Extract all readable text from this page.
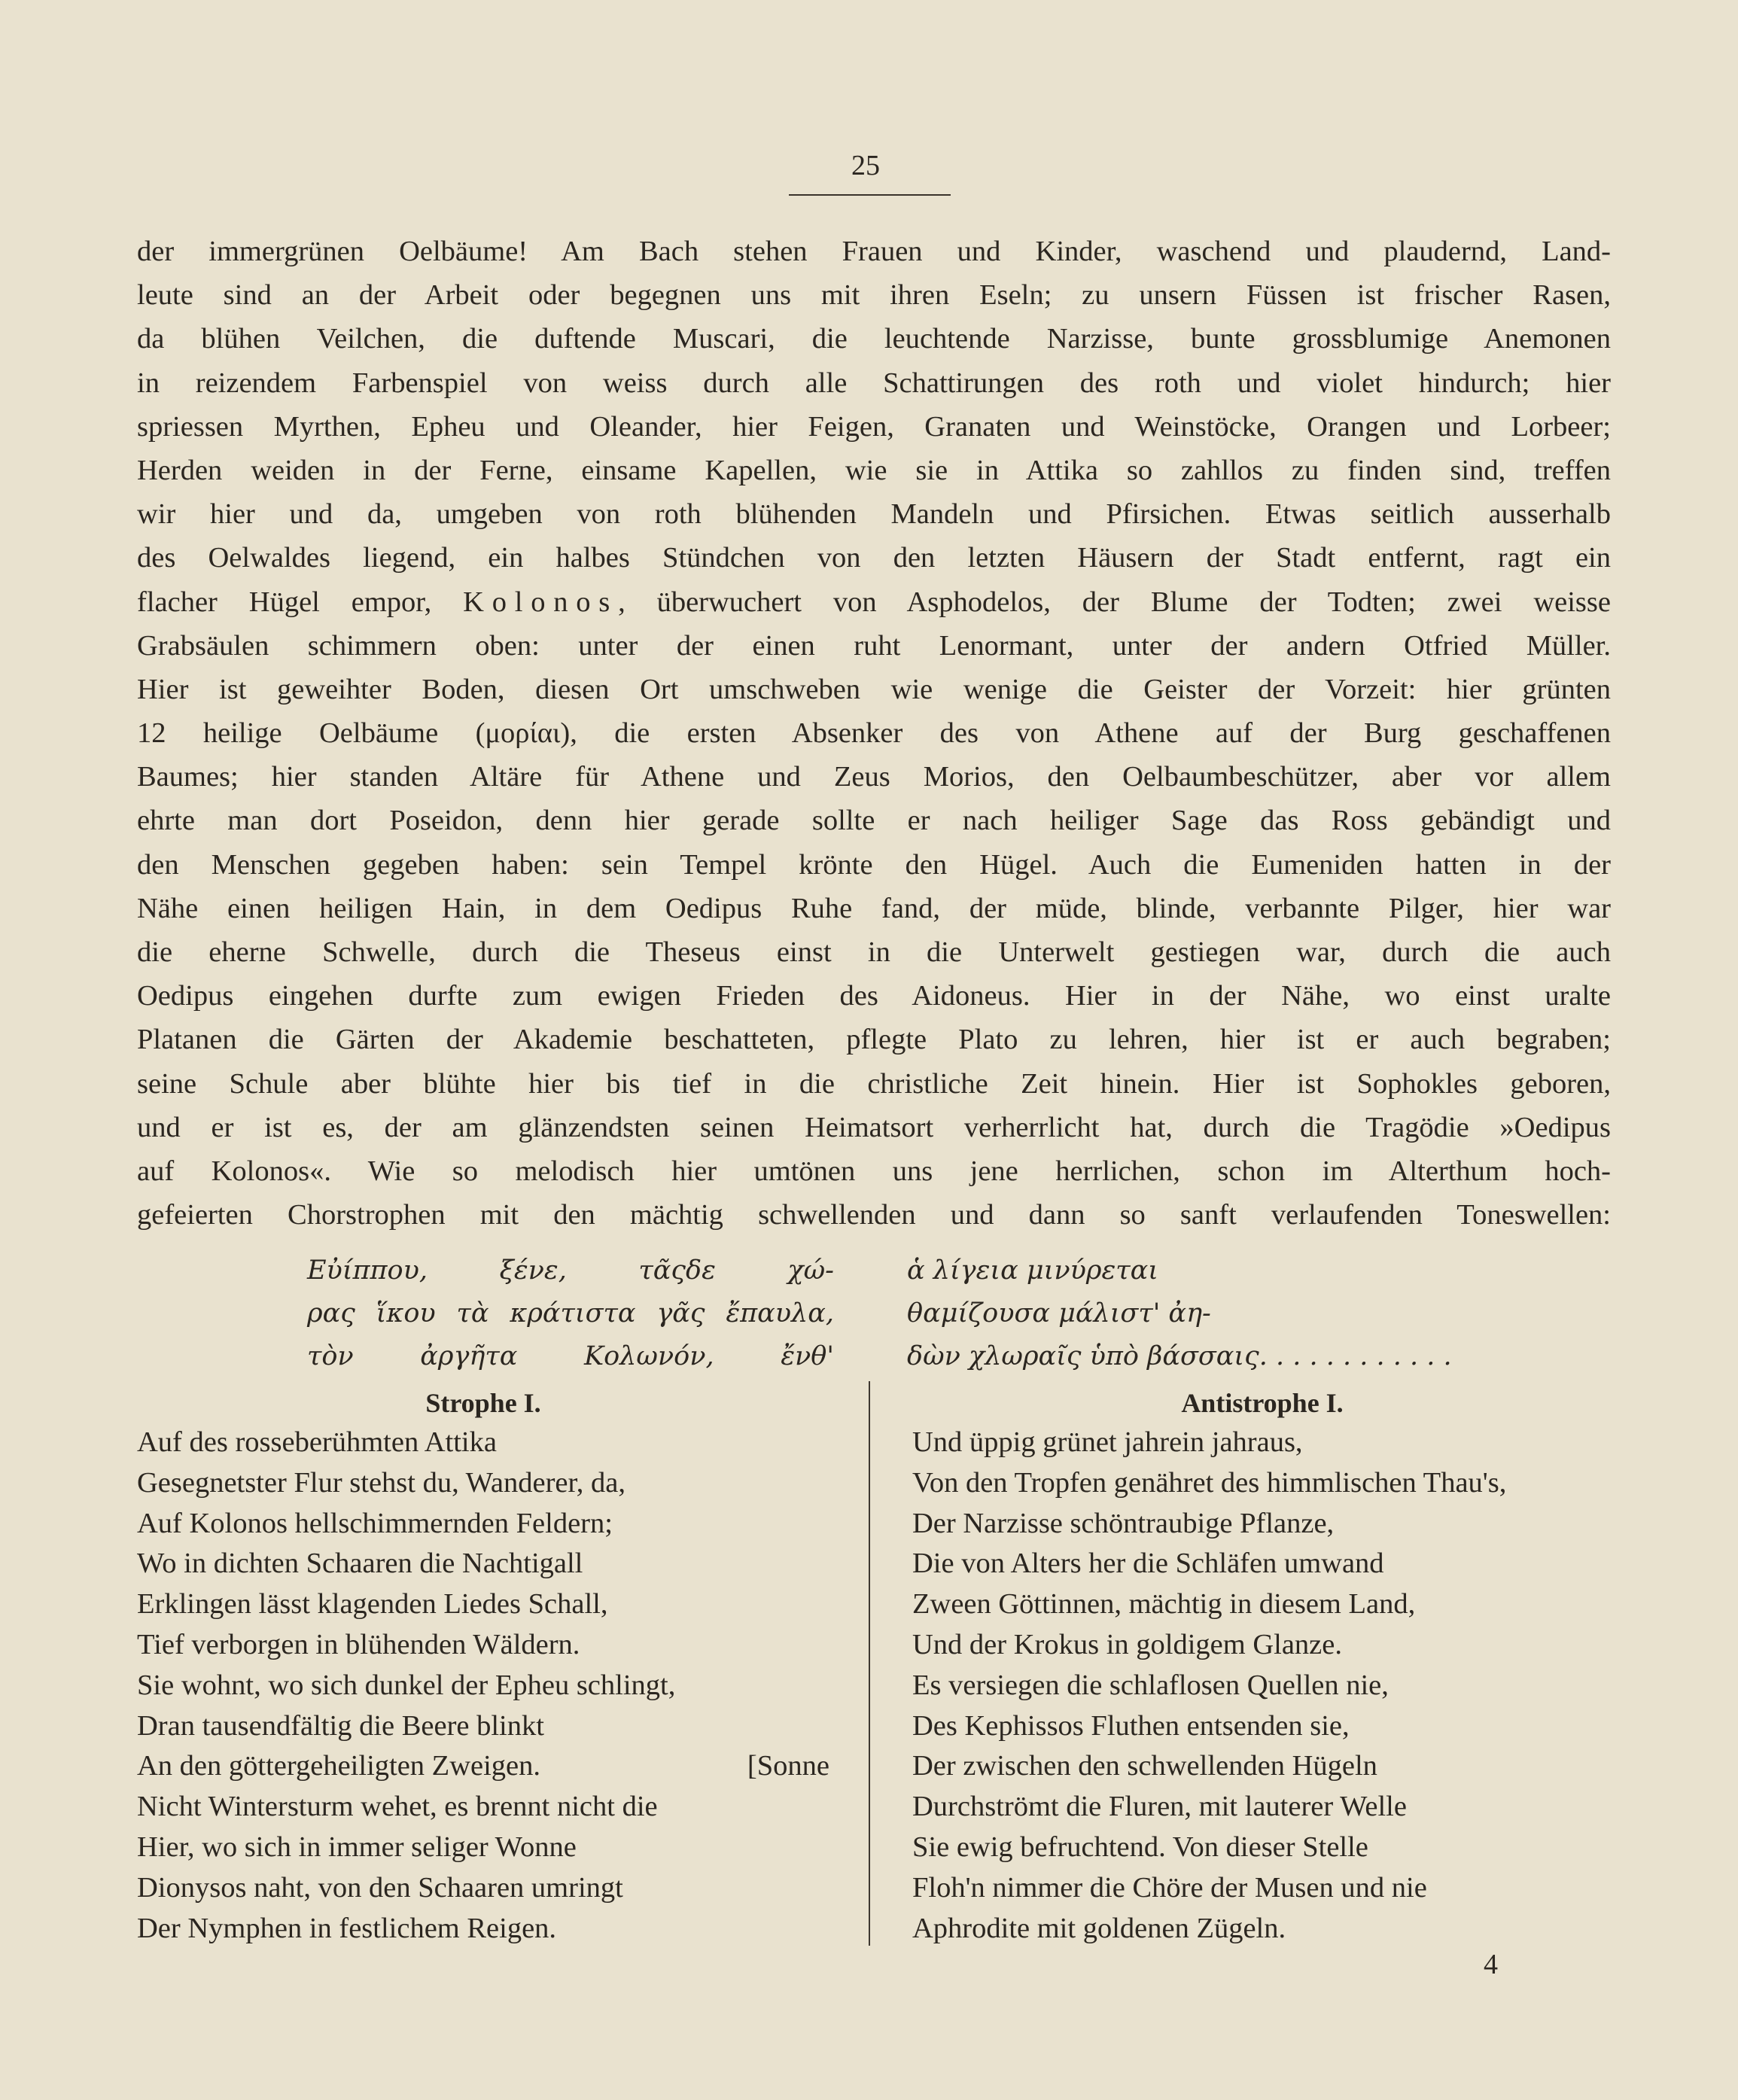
25
der immergrünen Oelbäume! Am Bach stehen Frauen und Kinder, waschend und plaudernd, Land-
leute sind an der Arbeit oder begegnen uns mit ihren Eseln; zu unsern Füssen ist frischer Rasen,
da blühen Veilchen, die duftende Muscari, die leuchtende Narzisse, bunte grossblumige Anemonen
in reizendem Farbenspiel von weiss durch alle Schattirungen des roth und violet hindurch; hier
spriessen Myrthen, Epheu und Oleander, hier Feigen, Granaten und Weinstöcke, Orangen und Lorbeer;
Herden weiden in der Ferne, einsame Kapellen, wie sie in Attika so zahllos zu finden sind, treffen
wir hier und da, umgeben von roth blühenden Mandeln und Pfirsichen. Etwas seitlich ausserhalb
des Oelwaldes liegend, ein halbes Stündchen von den letzten Häusern der Stadt entfernt, ragt ein
flacher Hügel empor, Kolonos, überwuchert von Asphodelos, der Blume der Todten; zwei weisse
Grabsäulen schimmern oben: unter der einen ruht Lenormant, unter der andern Otfried Müller.
Hier ist geweihter Boden, diesen Ort umschweben wie wenige die Geister der Vorzeit: hier grünten
12 heilige Oelbäume (μορίαι), die ersten Absenker des von Athene auf der Burg geschaffenen
Baumes; hier standen Altäre für Athene und Zeus Morios, den Oelbaumbeschützer, aber vor allem
ehrte man dort Poseidon, denn hier gerade sollte er nach heiliger Sage das Ross gebändigt und
den Menschen gegeben haben: sein Tempel krönte den Hügel. Auch die Eumeniden hatten in der
Nähe einen heiligen Hain, in dem Oedipus Ruhe fand, der müde, blinde, verbannte Pilger, hier war
die eherne Schwelle, durch die Theseus einst in die Unterwelt gestiegen war, durch die auch
Oedipus eingehen durfte zum ewigen Frieden des Aidoneus. Hier in der Nähe, wo einst uralte
Platanen die Gärten der Akademie beschatteten, pflegte Plato zu lehren, hier ist er auch begraben;
seine Schule aber blühte hier bis tief in die christliche Zeit hinein. Hier ist Sophokles geboren,
und er ist es, der am glänzendsten seinen Heimatsort verherrlicht hat, durch die Tragödie »Oedipus
auf Kolonos«. Wie so melodisch hier umtönen uns jene herrlichen, schon im Alterthum hoch-
gefeierten Chorstrophen mit den mächtig schwellenden und dann so sanft verlaufenden Toneswellen:
Εὐίππου, ξένε, τᾶςδε χώ-
ρας ἵκου τὰ κράτιστα γᾶς ἔπαυλα,
τὸν ἀργῆτα Κολωνόν, ἔνθ'
ἁ λίγεια μινύρεται
θαμίζουσα μάλιστ' ἀη-
δὼν χλωραῖς ὑπὸ βάσσαις. . . . . . . . . . . .
Strophe I.
Auf des rosseberühmten Attika
Gesegnetster Flur stehst du, Wanderer, da,
Auf Kolonos hellschimmernden Feldern;
Wo in dichten Schaaren die Nachtigall
Erklingen lässt klagenden Liedes Schall,
Tief verborgen in blühenden Wäldern.
Sie wohnt, wo sich dunkel der Epheu schlingt,
Dran tausendfältig die Beere blinkt
An den göttergeheiligten Zweigen.	[Sonne
Nicht Wintersturm wehet, es brennt nicht die
Hier, wo sich in immer seliger Wonne
Dionysos naht, von den Schaaren umringt
Der Nymphen in festlichem Reigen.
Antistrophe I.
Und üppig grünet jahrein jahraus,
Von den Tropfen genähret des himmlischen Thau's,
Der Narzisse schöntraubige Pflanze,
Die von Alters her die Schläfen umwand
Zween Göttinnen, mächtig in diesem Land,
Und der Krokus in goldigem Glanze.
Es versiegen die schlaflosen Quellen nie,
Des Kephissos Fluthen entsenden sie,
Der zwischen den schwellenden Hügeln
Durchströmt die Fluren, mit lauterer Welle
Sie ewig befruchtend. Von dieser Stelle
Floh'n nimmer die Chöre der Musen und nie
Aphrodite mit goldenen Zügeln.
4
